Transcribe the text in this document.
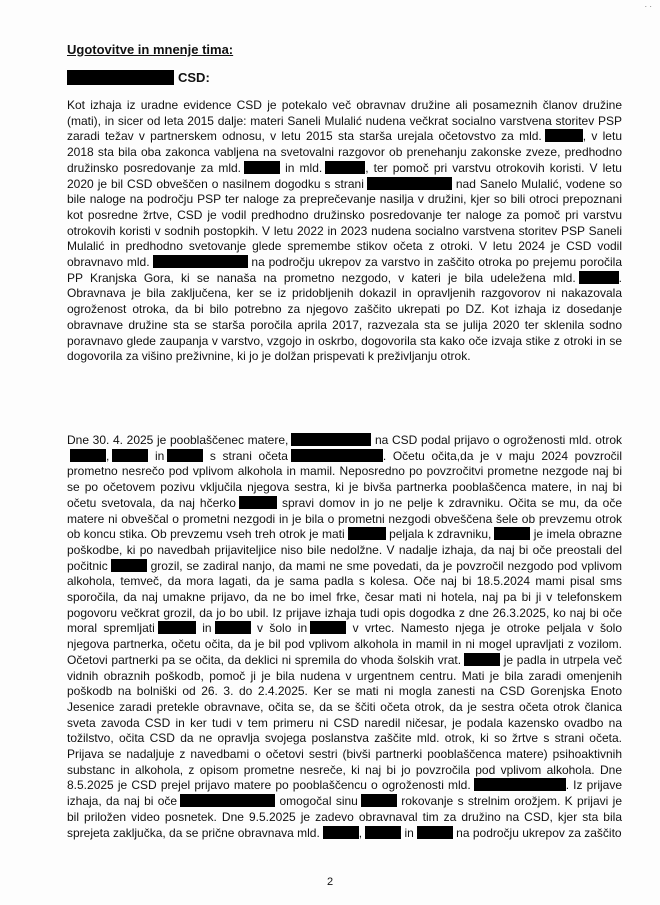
· ·
Ugotovitve in mnenje tima:
CSD:

Kot izhaja iz uradne evidence CSD je potekalo več obravnav družine ali posameznih članov družine (mati), in sicer od leta 2015 dalje: materi Saneli Mulalić nudena večkrat socialno varstvena storitev PSP zaradi težav v partnerskem odnosu, v letu 2015 sta starša urejala očetovstvo za mld.	, v letu 2018 sta bila oba zakonca vabljena na svetovalni razgovor ob prenehanju zakonske zveze, predhodno družinsko posredovanje za mld.	in mld.	, ter pomoč pri varstvu otrokovih koristi. V letu 2020 je bil CSD obveščen o nasilnem dogodku s strani	nad Sanelo Mulalić, vodene so bile naloge na področju PSP ter naloge za preprečevanje nasilja v družini, kjer so bili otroci prepoznani kot posredne žrtve, CSD je vodil predhodno družinsko posredovanje ter naloge za pomoč pri varstvu otrokovih koristi v sodnih postopkih. V letu 2022 in 2023 nudena socialno varstvena storitev PSP Saneli Mulalić in predhodno svetovanje glede spremembe stikov očeta z otroki. V letu 2024 je CSD vodil obravnavo mld.	na področju ukrepov za varstvo in zaščito otroka po prejemu poročila PP Kranjska Gora, ki se nanaša na prometno nezgodo, v kateri je bila udeležena mld.	. Obravnava je bila zaključena, ker se iz pridobljenih dokazil in opravljenih razgovorov ni nakazovala ogroženost otroka, da bi bilo potrebno za njegovo zaščito ukrepati po DZ. Kot izhaja iz dosedanje obravnave družine sta se starša poročila aprila 2017, razvezala sta se julija 2020 ter sklenila sodno poravnavo glede zaupanja v varstvo, vzgojo in oskrbo, dogovorila sta kako oče izvaja stike z otroki in se dogovorila za višino preživnine, ki jo je dolžan prispevati k preživljanju otrok.

Dne 30. 4. 2025 je pooblaščenec matere,	na CSD podal prijavo o ogroženosti mld. otrok,	in	s strani očeta	. Očetu očita,da je v maju 2024 povzročil prometno nesrečo pod vplivom alkohola in mamil. Neposredno po povzročitvi prometne nezgode naj bi se po očetovem pozivu vključila njegova sestra, ki je bivša partnerka pooblaščenca matere, in naj bi očetu svetovala, da naj hčerko	spravi domov in jo ne pelje k zdravniku. Očita se mu, da oče matere ni obveščal o prometni nezgodi in je bila o prometni nezgodi obveščena šele ob prevzemu otrok ob koncu stika. Ob prevzemu vseh treh otrok je mati	peljala k zdravniku,	je imela obrazne poškodbe, ki po navedbah prijaviteljice niso bile nedolžne. V nadalje izhaja, da naj bi oče preostali del počitnic	grozil, se zadiral nanjo, da mami ne sme povedati, da je povzročil nezgodo pod vplivom alkohola, temveč, da mora lagati, da je sama padla s kolesa. Oče naj bi 18.5.2024 mami pisal sms sporočila, da naj umakne prijavo, da ne bo imel frke, česar mati ni hotela, naj pa bi ji v telefonskem pogovoru večkrat grozil, da jo bo ubil. Iz prijave izhaja tudi opis dogodka z dne 26.3.2025, ko naj bi oče moral spremljati	in	v šolo in	v vrtec. Namesto njega je otroke peljala v šolo njegova partnerka, očetu očita, da je bil pod vplivom alkohola in mamil in ni mogel upravljati z vozilom. Očetovi partnerki pa se očita, da deklici ni spremila do vhoda šolskih vrat.	je padla in utrpela več vidnih obraznih poškodb, pomoč ji je bila nudena v urgentnem centru. Mati je bila zaradi omenjenih poškodb na bolniški od 26. 3. do 2.4.2025. Ker se mati ni mogla zanesti na CSD Gorenjska Enoto Jesenice zaradi pretekle obravnave, očita se, da se ščiti očeta otrok, da je sestra očeta otrok članica sveta zavoda CSD in ker tudi v tem primeru ni CSD naredil ničesar, je podala kazensko ovadbo na tožilstvo, očita CSD da ne opravlja svojega poslanstva zaščite mld. otrok, ki so žrtve s strani očeta. Prijava se nadaljuje z navedbami o očetovi sestri (bivši partnerki pooblaščenca matere) psihoaktivnih substanc in alkohola, z opisom prometne nesreče, ki naj bi jo povzročila pod vplivom alkohola. Dne 8.5.2025 je CSD prejel prijavo matere po pooblaščencu o ogroženosti mld.	. Iz prijave izhaja, da naj bi oče	omogočal sinu	rokovanje s strelnim orožjem. K prijavi je bil priložen video posnetek. Dne 9.5.2025 je zadevo obravnaval tim za družino na CSD, kjer sta bila sprejeta zaključka, da se prične obravnava mld.	,	in	na področju ukrepov za zaščito

2
